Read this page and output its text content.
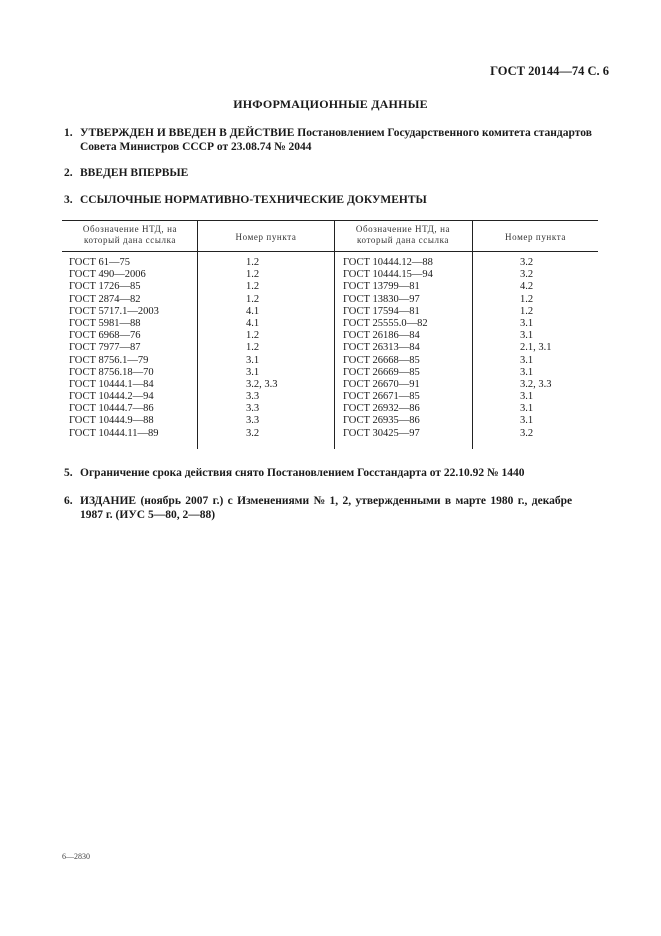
ГОСТ 20144—74 С. 6
ИНФОРМАЦИОННЫЕ ДАННЫЕ
1. УТВЕРЖДЕН И ВВЕДЕН В ДЕЙСТВИЕ Постановлением Государственного комитета стандартов
Совета Министров СССР от 23.08.74 № 2044
2. ВВЕДЕН ВПЕРВЫЕ
3. ССЫЛОЧНЫЕ НОРМАТИВНО-ТЕХНИЧЕСКИЕ ДОКУМЕНТЫ
Обозначение НТД, на который дана ссылка	Номер пункта
Обозначение НТД, на который дана ссылка	Номер пункта
ГОСТ 61—75
ГОСТ 490—2006
ГОСТ 1726—85
ГОСТ 2874—82
ГОСТ 5717.1—2003
ГОСТ 5981—88
ГОСТ 6968—76
ГОСТ 7977—87
ГОСТ 8756.1—79
ГОСТ 8756.18—70
ГОСТ 10444.1—84
ГОСТ 10444.2—94
ГОСТ 10444.7—86
ГОСТ 10444.9—88
ГОСТ 10444.11—89
1.2
1.2
1.2
1.2
4.1
4.1
1.2
1.2
3.1
3.1
3.2, 3.3
3.3
3.3
3.3
3.2
ГОСТ 10444.12—88
ГОСТ 10444.15—94
ГОСТ 13799—81
ГОСТ 13830—97
ГОСТ 17594—81
ГОСТ 25555.0—82
ГОСТ 26186—84
ГОСТ 26313—84
ГОСТ 26668—85
ГОСТ 26669—85
ГОСТ 26670—91
ГОСТ 26671—85
ГОСТ 26932—86
ГОСТ 26935—86
ГОСТ 30425—97
3.2
3.2
4.2
1.2
1.2
3.1
3.1
2.1, 3.1
3.1
3.1
3.2, 3.3
3.1
3.1
3.1
3.2
5. Ограничение срока действия снято Постановлением Госстандарта от 22.10.92 № 1440
6. ИЗДАНИЕ (ноябрь 2007 г.) с Изменениями № 1, 2, утвержденными в марте 1980 г., декабре
1987 г. (ИУС 5—80, 2—88)
6—2830
